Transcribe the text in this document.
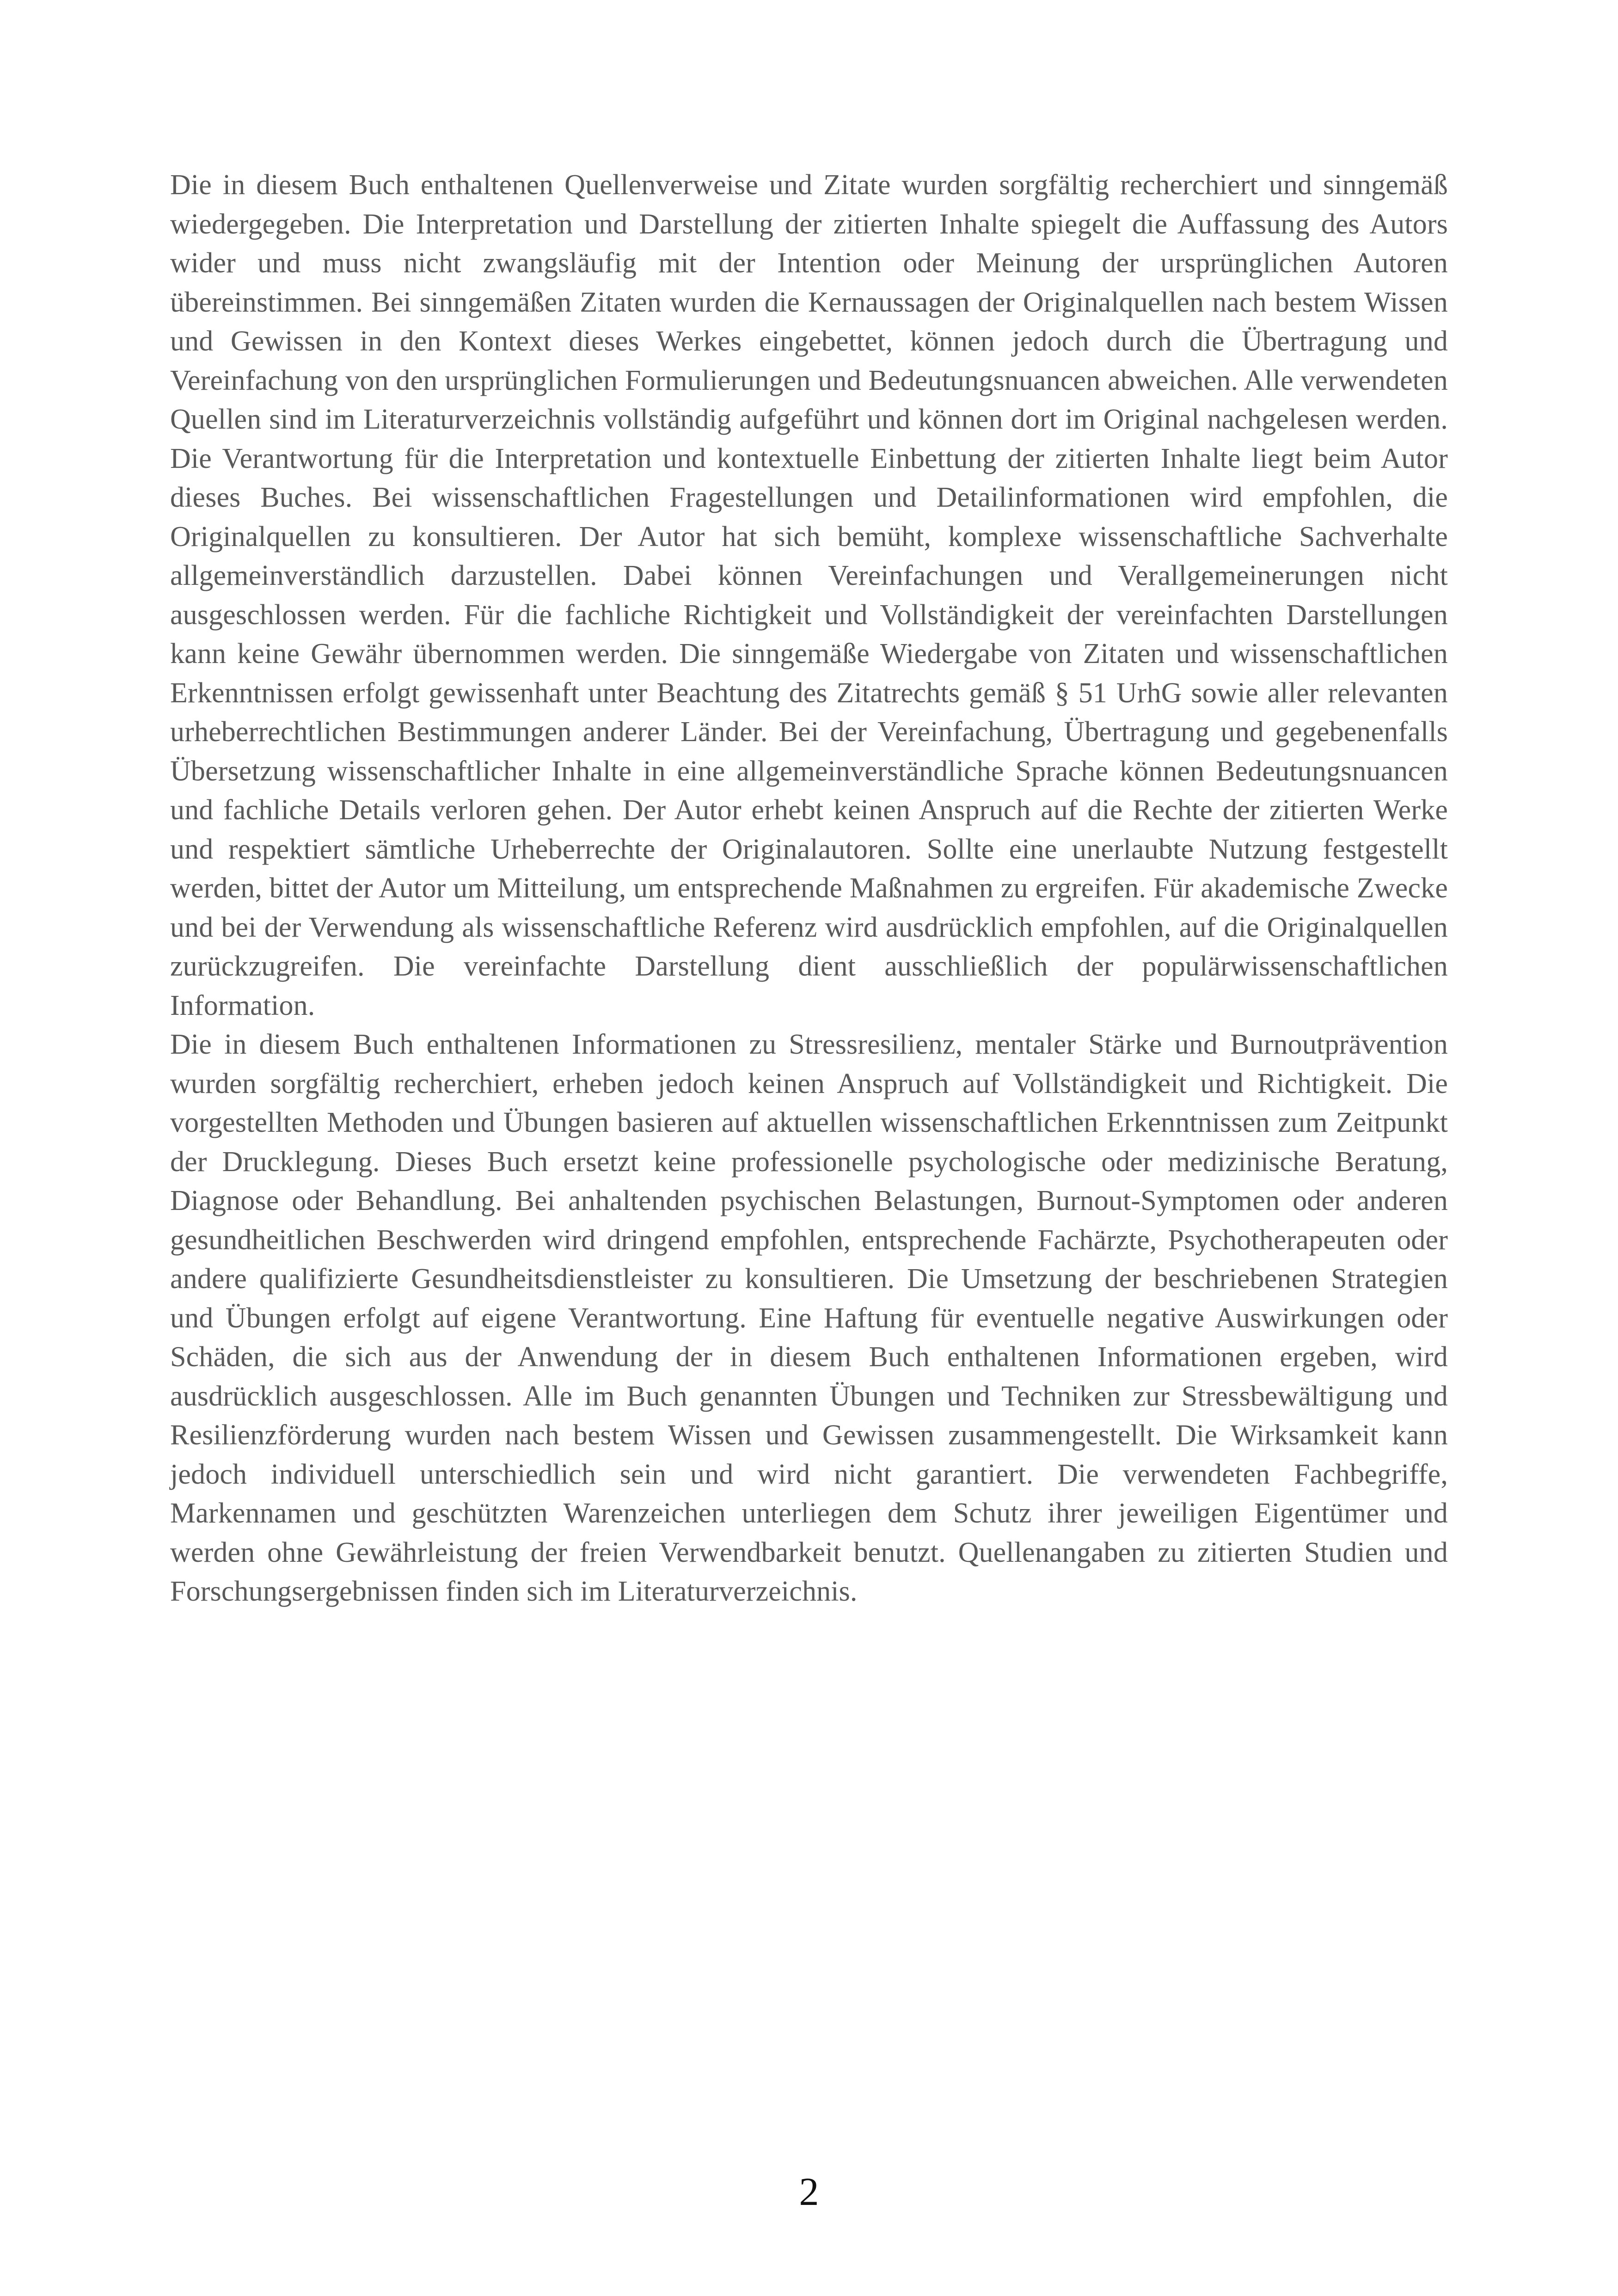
Die in diesem Buch enthaltenen Quellenverweise und Zitate wurden sorgfältig recherchiert und sinngemäß wiedergegeben. Die Interpretation und Darstellung der zitierten Inhalte spiegelt die Auffassung des Autors wider und muss nicht zwangsläufig mit der Intention oder Meinung der ursprünglichen Autoren übereinstimmen. Bei sinngemäßen Zitaten wurden die Kernaussagen der Originalquellen nach bestem Wissen und Gewissen in den Kontext dieses Werkes eingebettet, können jedoch durch die Übertragung und Vereinfachung von den ursprünglichen Formulierungen und Bedeutungsnuancen abweichen. Alle verwendeten Quellen sind im Literaturverzeichnis vollständig aufgeführt und können dort im Original nachgelesen werden. Die Verantwortung für die Interpretation und kontextuelle Einbettung der zitierten Inhalte liegt beim Autor dieses Buches. Bei wissenschaftlichen Fragestellungen und Detailinformationen wird empfohlen, die Originalquellen zu konsultieren. Der Autor hat sich bemüht, komplexe wissenschaftliche Sachverhalte allgemeinverständlich darzustellen. Dabei können Vereinfachungen und Verallgemeinerungen nicht ausgeschlossen werden. Für die fachliche Richtigkeit und Vollständigkeit der vereinfachten Darstellungen kann keine Gewähr übernommen werden. Die sinngemäße Wiedergabe von Zitaten und wissenschaftlichen Erkenntnissen erfolgt gewissenhaft unter Beachtung des Zitatrechts gemäß § 51 UrhG sowie aller relevanten urheberrechtlichen Bestimmungen anderer Länder. Bei der Vereinfachung, Übertragung und gegebenenfalls Übersetzung wissenschaftlicher Inhalte in eine allgemeinverständliche Sprache können Bedeutungsnuancen und fachliche Details verloren gehen. Der Autor erhebt keinen Anspruch auf die Rechte der zitierten Werke und respektiert sämtliche Urheberrechte der Originalautoren. Sollte eine unerlaubte Nutzung festgestellt werden, bittet der Autor um Mitteilung, um entsprechende Maßnahmen zu ergreifen. Für akademische Zwecke und bei der Verwendung als wissenschaftliche Referenz wird ausdrücklich empfohlen, auf die Originalquellen zurückzugreifen. Die vereinfachte Darstellung dient ausschließlich der populärwissenschaftlichen Information.

Die in diesem Buch enthaltenen Informationen zu Stressresilienz, mentaler Stärke und Burnoutprävention wurden sorgfältig recherchiert, erheben jedoch keinen Anspruch auf Vollständigkeit und Richtigkeit. Die vorgestellten Methoden und Übungen basieren auf aktuellen wissenschaftlichen Erkenntnissen zum Zeitpunkt der Drucklegung. Dieses Buch ersetzt keine professionelle psychologische oder medizinische Beratung, Diagnose oder Behandlung. Bei anhaltenden psychischen Belastungen, Burnout-Symptomen oder anderen gesundheitlichen Beschwerden wird dringend empfohlen, entsprechende Fachärzte, Psychotherapeuten oder andere qualifizierte Gesundheitsdienstleister zu konsultieren. Die Umsetzung der beschriebenen Strategien und Übungen erfolgt auf eigene Verantwortung. Eine Haftung für eventuelle negative Auswirkungen oder Schäden, die sich aus der Anwendung der in diesem Buch enthaltenen Informationen ergeben, wird ausdrücklich ausgeschlossen. Alle im Buch genannten Übungen und Techniken zur Stressbewältigung und Resilienzförderung wurden nach bestem Wissen und Gewissen zusammengestellt. Die Wirksamkeit kann jedoch individuell unterschiedlich sein und wird nicht garantiert. Die verwendeten Fachbegriffe, Markennamen und geschützten Warenzeichen unterliegen dem Schutz ihrer jeweiligen Eigentümer und werden ohne Gewährleistung der freien Verwendbarkeit benutzt. Quellenangaben zu zitierten Studien und Forschungsergebnissen finden sich im Literaturverzeichnis.

2
